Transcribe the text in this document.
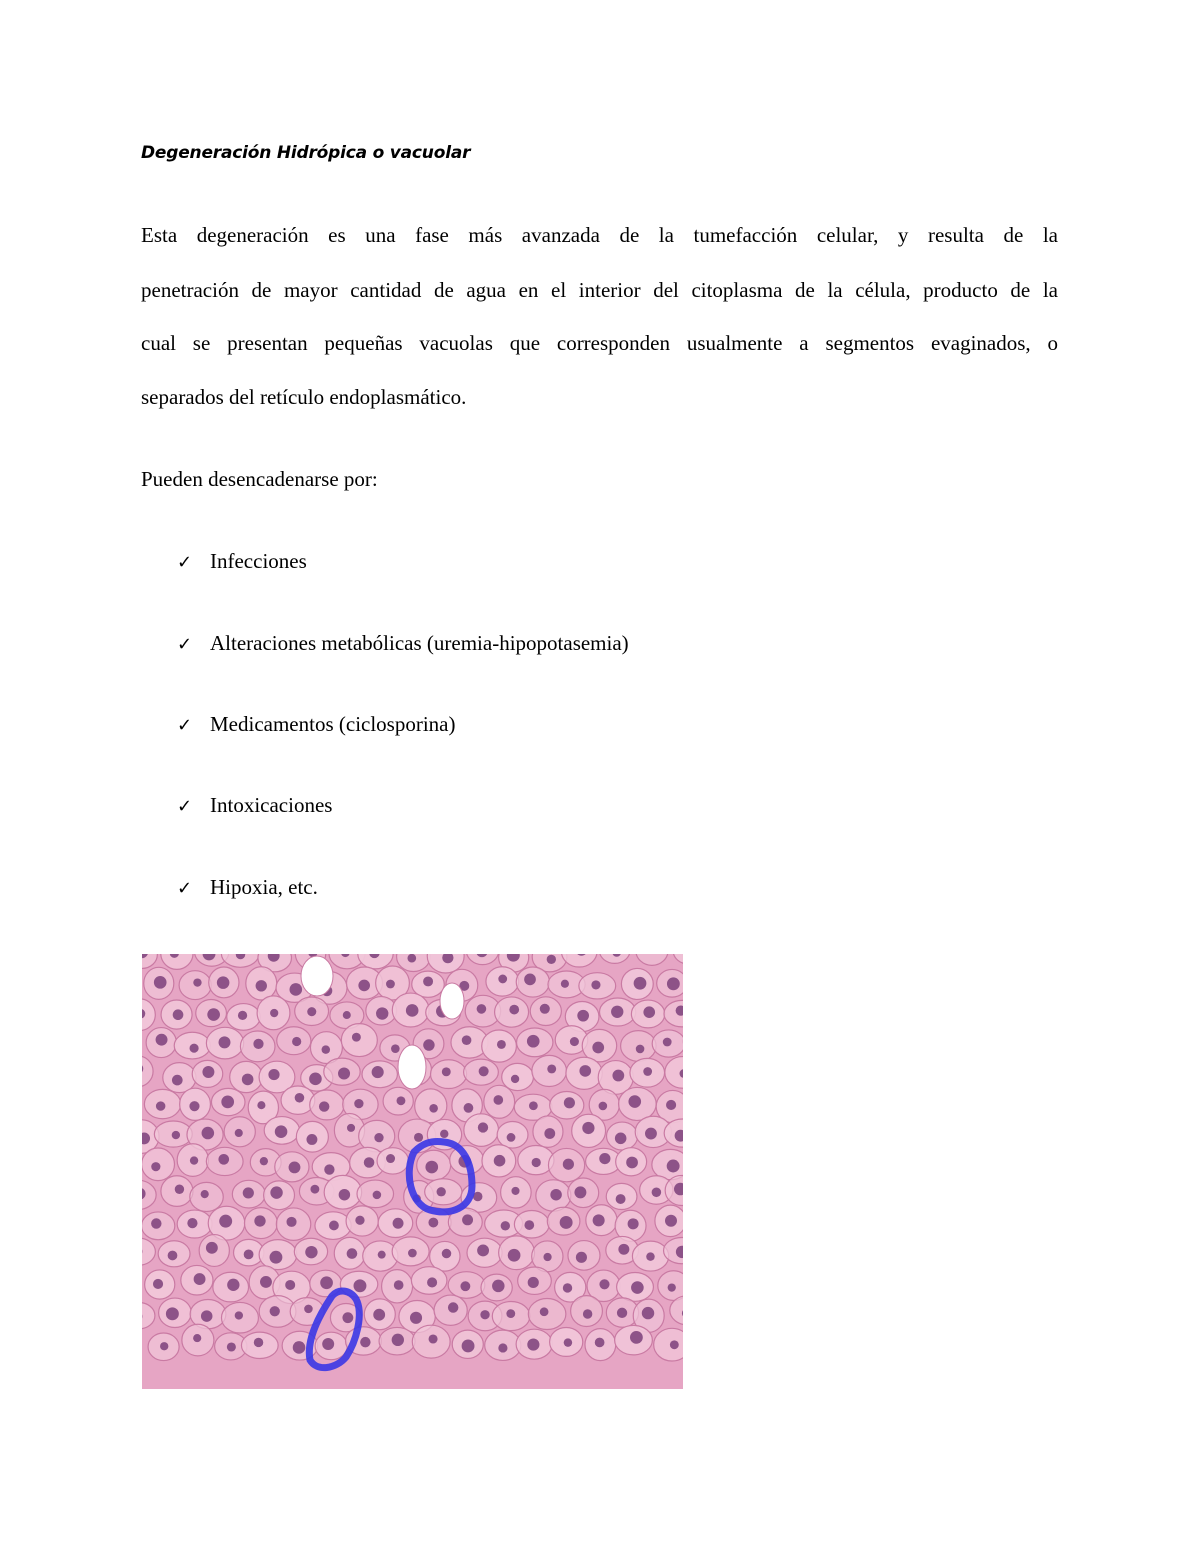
Degeneración Hidrópica o vacuolar
Esta degeneración es una fase más avanzada de la tumefacción celular, y resulta de la
penetración de mayor cantidad de agua en el interior del citoplasma de la célula, producto de la
cual se presentan pequeñas vacuolas que corresponden usualmente a segmentos evaginados, o
separados del retículo endoplasmático.
Pueden desencadenarse por:
✓ Infecciones
✓ Alteraciones metabólicas (uremia-hipopotasemia)
✓ Medicamentos (ciclosporina)
✓ Intoxicaciones
✓ Hipoxia, etc.
